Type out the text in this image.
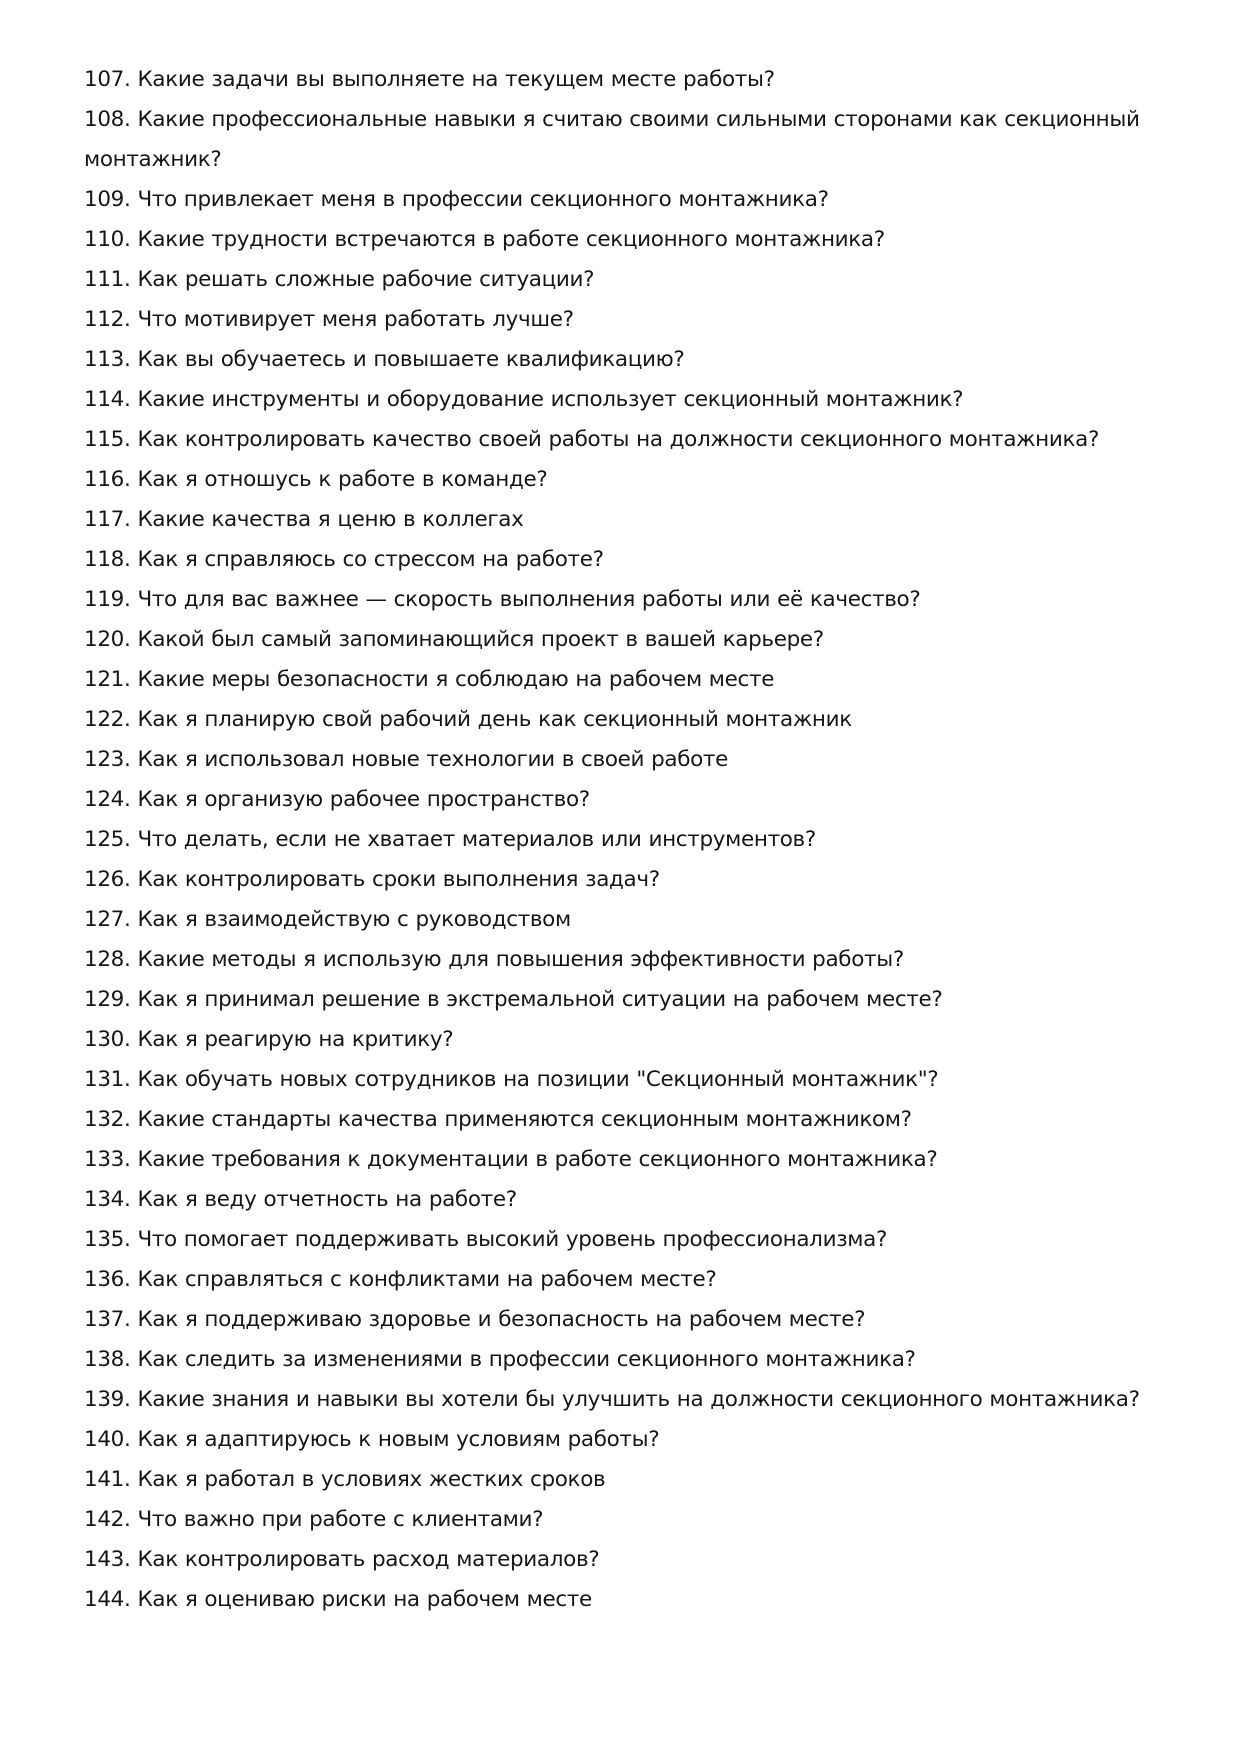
107. Какие задачи вы выполняете на текущем месте работы?
108. Какие профессиональные навыки я считаю своими сильными сторонами как секционный монтажник?
109. Что привлекает меня в профессии секционного монтажника?
110. Какие трудности встречаются в работе секционного монтажника?
111. Как решать сложные рабочие ситуации?
112. Что мотивирует меня работать лучше?
113. Как вы обучаетесь и повышаете квалификацию?
114. Какие инструменты и оборудование использует секционный монтажник?
115. Как контролировать качество своей работы на должности секционного монтажника?
116. Как я отношусь к работе в команде?
117. Какие качества я ценю в коллегах
118. Как я справляюсь со стрессом на работе?
119. Что для вас важнее — скорость выполнения работы или её качество?
120. Какой был самый запоминающийся проект в вашей карьере?
121. Какие меры безопасности я соблюдаю на рабочем месте
122. Как я планирую свой рабочий день как секционный монтажник
123. Как я использовал новые технологии в своей работе
124. Как я организую рабочее пространство?
125. Что делать, если не хватает материалов или инструментов?
126. Как контролировать сроки выполнения задач?
127. Как я взаимодействую с руководством
128. Какие методы я использую для повышения эффективности работы?
129. Как я принимал решение в экстремальной ситуации на рабочем месте?
130. Как я реагирую на критику?
131. Как обучать новых сотрудников на позиции "Секционный монтажник"?
132. Какие стандарты качества применяются секционным монтажником?
133. Какие требования к документации в работе секционного монтажника?
134. Как я веду отчетность на работе?
135. Что помогает поддерживать высокий уровень профессионализма?
136. Как справляться с конфликтами на рабочем месте?
137. Как я поддерживаю здоровье и безопасность на рабочем месте?
138. Как следить за изменениями в профессии секционного монтажника?
139. Какие знания и навыки вы хотели бы улучшить на должности секционного монтажника?
140. Как я адаптируюсь к новым условиям работы?
141. Как я работал в условиях жестких сроков
142. Что важно при работе с клиентами?
143. Как контролировать расход материалов?
144. Как я оцениваю риски на рабочем месте
